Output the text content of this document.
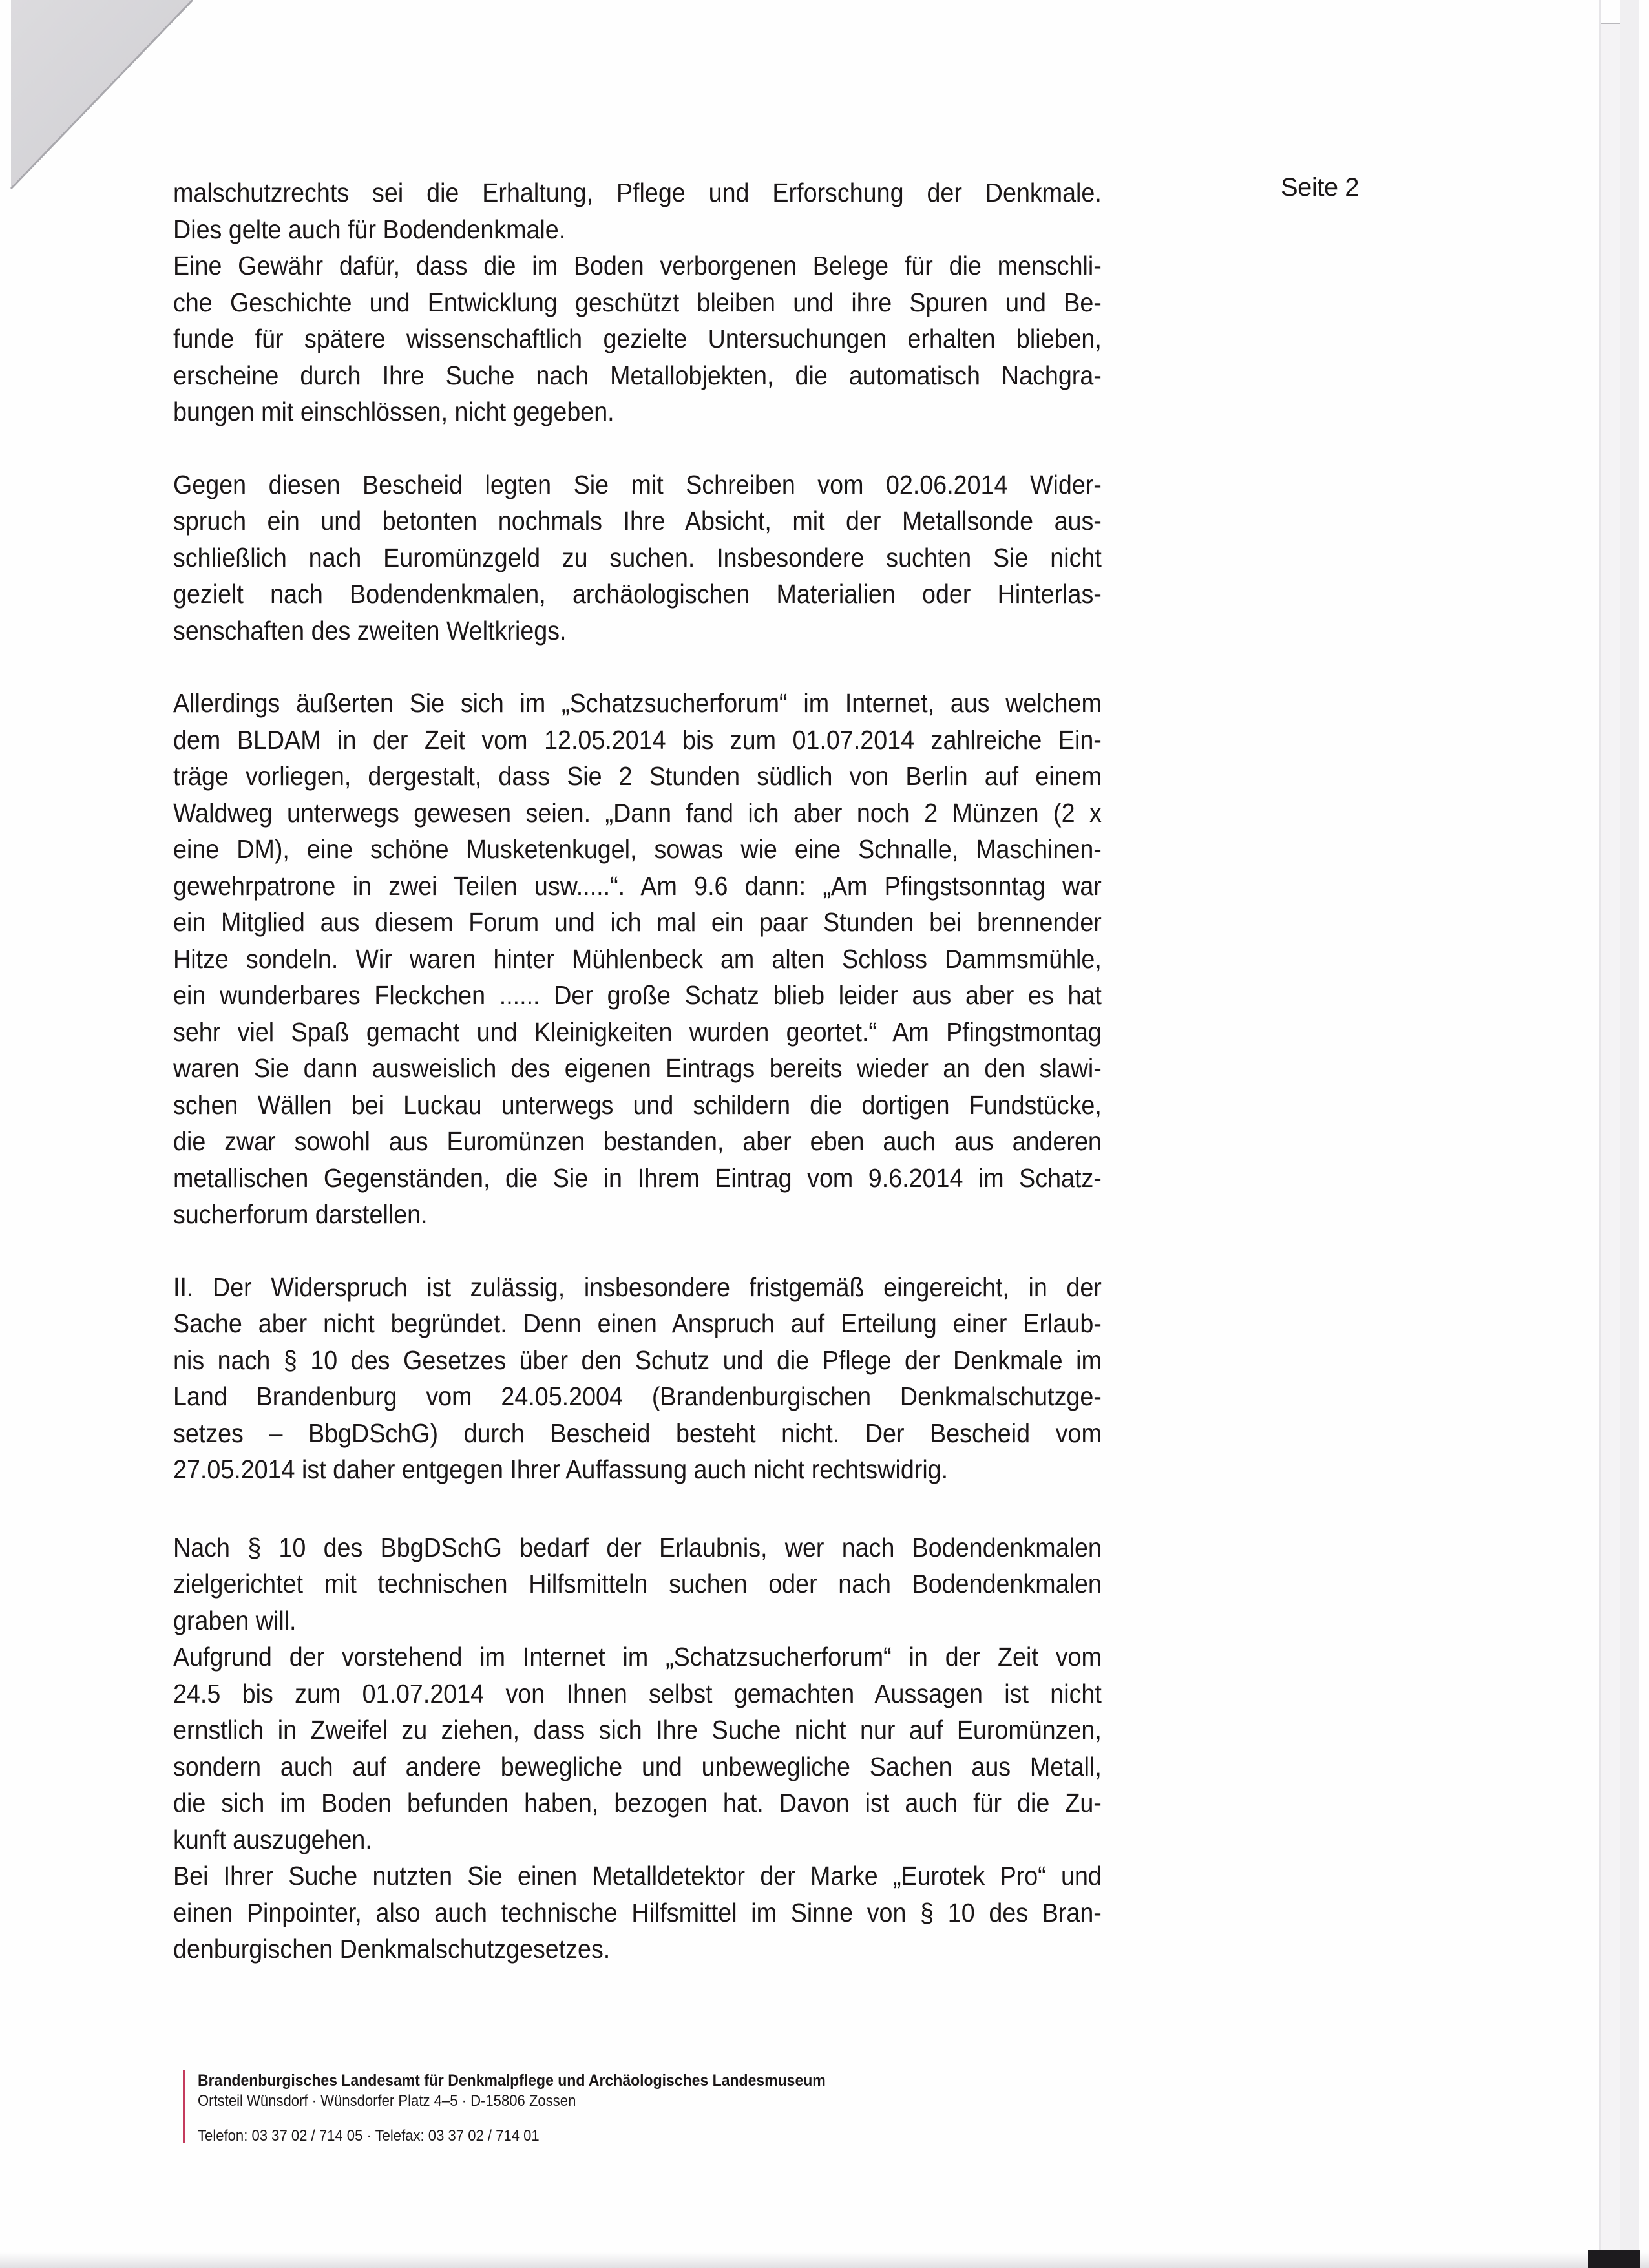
Seite 2
malschutzrechts sei die Erhaltung, Pflege und Erforschung der Denkmale.
Dies gelte auch für Bodendenkmale.
Eine Gewähr dafür, dass die im Boden verborgenen Belege für die menschli-
che Geschichte und Entwicklung geschützt bleiben und ihre Spuren und Be-
funde für spätere wissenschaftlich gezielte Untersuchungen erhalten blieben,
erscheine durch Ihre Suche nach Metallobjekten, die automatisch Nachgra-
bungen mit einschlössen, nicht gegeben.
Gegen diesen Bescheid legten Sie mit Schreiben vom 02.06.2014 Wider-
spruch ein und betonten nochmals Ihre Absicht, mit der Metallsonde aus-
schließlich nach Euromünzgeld zu suchen. Insbesondere suchten Sie nicht
gezielt nach Bodendenkmalen, archäologischen Materialien oder Hinterlas-
senschaften des zweiten Weltkriegs.
Allerdings äußerten Sie sich im „Schatzsucherforum“ im Internet, aus welchem
dem BLDAM in der Zeit vom 12.05.2014 bis zum 01.07.2014 zahlreiche Ein-
träge vorliegen, dergestalt, dass Sie 2 Stunden südlich von Berlin auf einem
Waldweg unterwegs gewesen seien. „Dann fand ich aber noch 2 Münzen (2 x
eine DM), eine schöne Musketenkugel, sowas wie eine Schnalle, Maschinen-
gewehrpatrone in zwei Teilen usw.....“. Am 9.6 dann: „Am Pfingstsonntag war
ein Mitglied aus diesem Forum und ich mal ein paar Stunden bei brennender
Hitze sondeln. Wir waren hinter Mühlenbeck am alten Schloss Dammsmühle,
ein wunderbares Fleckchen ...... Der große Schatz blieb leider aus aber es hat
sehr viel Spaß gemacht und Kleinigkeiten wurden geortet.“ Am Pfingstmontag
waren Sie dann ausweislich des eigenen Eintrags bereits wieder an den slawi-
schen Wällen bei Luckau unterwegs und schildern die dortigen Fundstücke,
die zwar sowohl aus Euromünzen bestanden, aber eben auch aus anderen
metallischen Gegenständen, die Sie in Ihrem Eintrag vom 9.6.2014 im Schatz-
sucherforum darstellen.
II. Der Widerspruch ist zulässig, insbesondere fristgemäß eingereicht, in der
Sache aber nicht begründet. Denn einen Anspruch auf Erteilung einer Erlaub-
nis nach § 10 des Gesetzes über den Schutz und die Pflege der Denkmale im
Land Brandenburg vom 24.05.2004 (Brandenburgischen Denkmalschutzge-
setzes – BbgDSchG) durch Bescheid besteht nicht. Der Bescheid vom
27.05.2014 ist daher entgegen Ihrer Auffassung auch nicht rechtswidrig.
Nach § 10 des BbgDSchG bedarf der Erlaubnis, wer nach Bodendenkmalen
zielgerichtet mit technischen Hilfsmitteln suchen oder nach Bodendenkmalen
graben will.
Aufgrund der vorstehend im Internet im „Schatzsucherforum“ in der Zeit vom
24.5 bis zum 01.07.2014 von Ihnen selbst gemachten Aussagen ist nicht
ernstlich in Zweifel zu ziehen, dass sich Ihre Suche nicht nur auf Euromünzen,
sondern auch auf andere bewegliche und unbewegliche Sachen aus Metall,
die sich im Boden befunden haben, bezogen hat. Davon ist auch für die Zu-
kunft auszugehen.
Bei Ihrer Suche nutzten Sie einen Metalldetektor der Marke „Eurotek Pro“ und
einen Pinpointer, also auch technische Hilfsmittel im Sinne von § 10 des Bran-
denburgischen Denkmalschutzgesetzes.
Brandenburgisches Landesamt für Denkmalpflege und Archäologisches Landesmuseum
Ortsteil Wünsdorf · Wünsdorfer Platz 4–5 · D-15806 Zossen
Telefon: 03 37 02 / 714 05 · Telefax: 03 37 02 / 714 01
